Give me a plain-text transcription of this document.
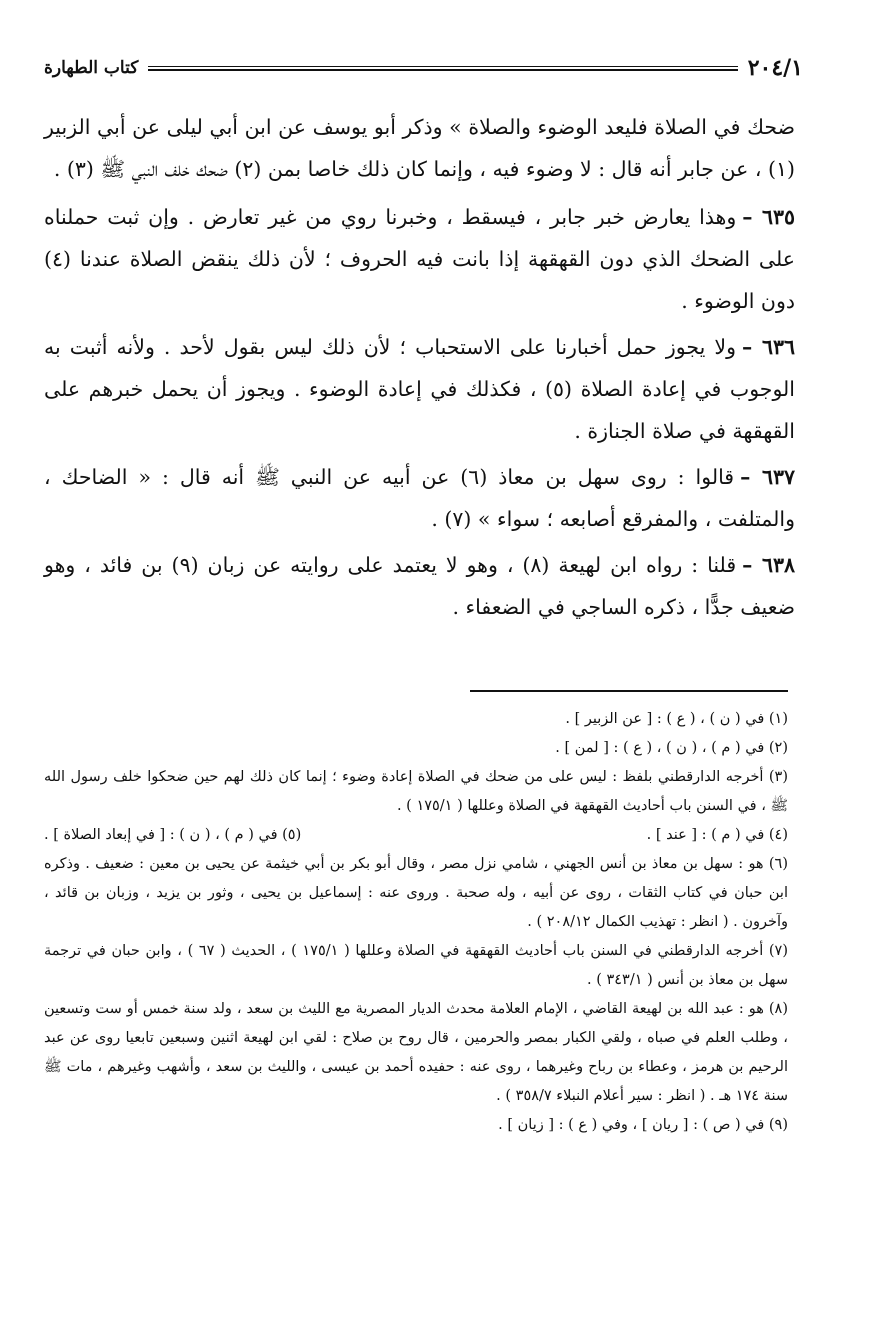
٢٠٤/١
كتاب الطهارة

ضحك في الصلاة فليعد الوضوء والصلاة » وذكر أبو يوسف عن ابن أبي ليلى عن أبي الزبير (١) ، عن جابر أنه قال : لا وضوء فيه ، وإنما كان ذلك خاصا بمن (٢) ضحك خلف النبي ﷺ (٣) .

٦٣٥ –وهذا يعارض خبر جابر ، فيسقط ، وخبرنا روي من غير تعارض . وإن ثبت حملناه على الضحك الذي دون القهقهة إذا بانت فيه الحروف ؛ لأن ذلك ينقض الصلاة عندنا (٤) دون الوضوء .

٦٣٦ –ولا يجوز حمل أخبارنا على الاستحباب ؛ لأن ذلك ليس بقول لأحد . ولأنه أثبت به الوجوب في إعادة الصلاة (٥) ، فكذلك في إعادة الوضوء . ويجوز أن يحمل خبرهم على القهقهة في صلاة الجنازة .

٦٣٧ –قالوا : روى سهل بن معاذ (٦) عن أبيه عن النبي ﷺ أنه قال : « الضاحك ، والمتلفت ، والمفرقع أصابعه ؛ سواء » (٧) .

٦٣٨ –قلنا : رواه ابن لهيعة (٨) ، وهو لا يعتمد على روايته عن زبان (٩) بن فائد ، وهو ضعيف جدًّا ، ذكره الساجي في الضعفاء .

(١) في ( ن ) ، ( ع ) : [ عن الزبير ] .

(٢) في ( م ) ، ( ن ) ، ( ع ) : [ لمن ] .

(٣) أخرجه الدارقطني بلفظ : ليس على من ضحك في الصلاة إعادة وضوء ؛ إنما كان ذلك لهم حين ضحكوا خلف رسول الله ﷺ ، في السنن باب أحاديث القهقهة في الصلاة وعللها ( ١٧٥/١ ) .

(٤) في ( م ) : [ عند ] .
(٥) في ( م ) ، ( ن ) : [ في إبعاد الصلاة ] .

(٦) هو : سهل بن معاذ بن أنس الجهني ، شامي نزل مصر ، وقال أبو بكر بن أبي خيثمة عن يحيى بن معين : ضعيف . وذكره ابن حبان في كتاب الثقات ، روى عن أبيه ، وله صحبة . وروى عنه : إسماعيل بن يحيى ، وثور بن يزيد ، وزبان بن قائد ، وآخرون . ( انظر : تهذيب الكمال ٢٠٨/١٢ ) .

(٧) أخرجه الدارقطني في السنن باب أحاديث القهقهة في الصلاة وعللها ( ١٧٥/١ ) ، الحديث ( ٦٧ ) ، وابن حبان في ترجمة سهل بن معاذ بن أنس ( ٣٤٣/١ ) .

(٨) هو : عبد الله بن لهيعة القاضي ، الإمام العلامة محدث الديار المصرية مع الليث بن سعد ، ولد سنة خمس أو ست وتسعين ، وطلب العلم في صباه ، ولقي الكبار بمصر والحرمين ، قال روح بن صلاح : لقي ابن لهيعة اثنين وسبعين تابعيا روى عن عبد الرحيم بن هرمز ، وعطاء بن رباح وغيرهما ، روى عنه : حفيده أحمد بن عيسى ، والليث بن سعد ، وأشهب وغيرهم ، مات ﷺ سنة ١٧٤ هـ . ( انظر : سير أعلام النبلاء ٣٥٨/٧ ) .

(٩) في ( ص ) : [ ريان ] ، وفي ( ع ) : [ زيان ] .
